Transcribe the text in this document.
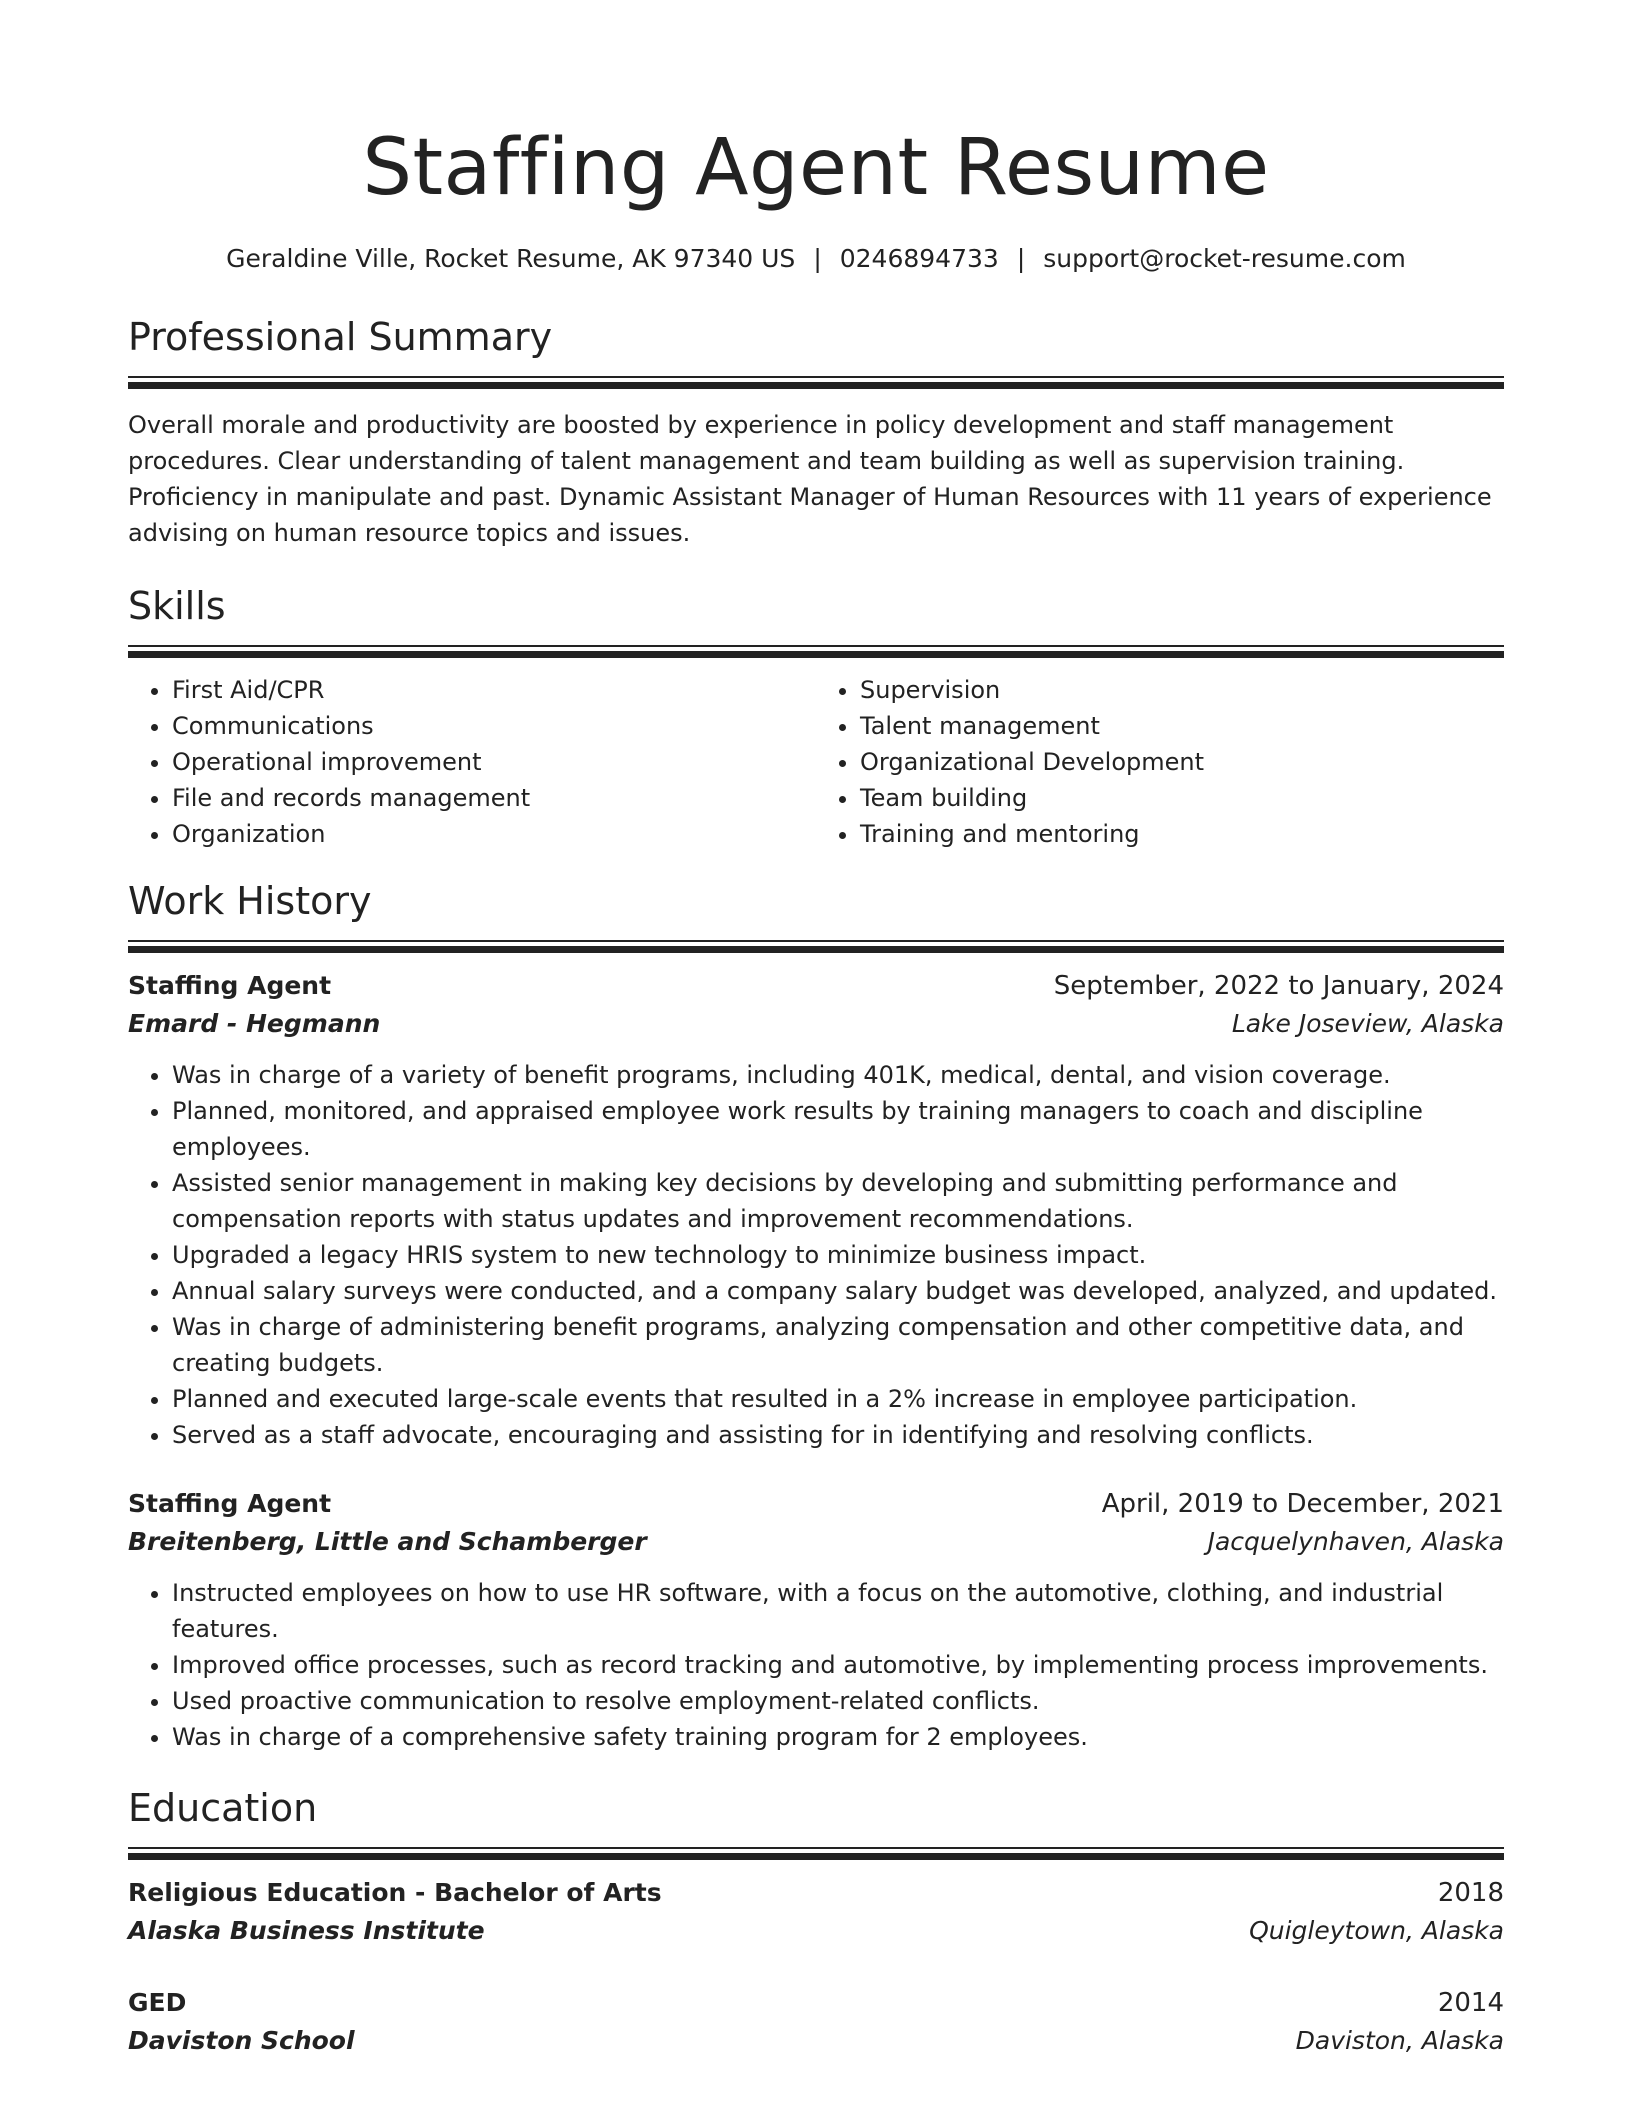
Staffing Agent Resume
Geraldine Ville, Rocket Resume, AK 97340 US | 0246894733 | support@rocket-resume.com
Professional Summary

Overall morale and productivity are boosted by experience in policy development and staff management procedures. Clear understanding of talent management and team building as well as supervision training. Proficiency in manipulate and past. Dynamic Assistant Manager of Human Resources with 11 years of experience advising on human resource topics and issues.

Skills
• First Aid/CPR
• Communications
• Operational improvement
• File and records management
• Organization
• Supervision
• Talent management
• Organizational Development
• Team building
• Training and mentoring
Work History
Staffing Agent	September, 2022 to January, 2024
Emard - Hegmann	Lake Joseview, Alaska
• Was in charge of a variety of benefit programs, including 401K, medical, dental, and vision coverage.
• Planned, monitored, and appraised employee work results by training managers to coach and discipline employees.
• Assisted senior management in making key decisions by developing and submitting performance and compensation reports with status updates and improvement recommendations.
• Upgraded a legacy HRIS system to new technology to minimize business impact.
• Annual salary surveys were conducted, and a company salary budget was developed, analyzed, and updated.
• Was in charge of administering benefit programs, analyzing compensation and other competitive data, and creating budgets.
• Planned and executed large-scale events that resulted in a 2% increase in employee participation.
• Served as a staff advocate, encouraging and assisting for in identifying and resolving conflicts.
Staffing Agent	April, 2019 to December, 2021
Breitenberg, Little and Schamberger	Jacquelynhaven, Alaska
• Instructed employees on how to use HR software, with a focus on the automotive, clothing, and industrial features.
• Improved office processes, such as record tracking and automotive, by implementing process improvements.
• Used proactive communication to resolve employment-related conflicts.
• Was in charge of a comprehensive safety training program for 2 employees.
Education
Religious Education - Bachelor of Arts	2018
Alaska Business Institute	Quigleytown, Alaska
GED	2014
Daviston School	Daviston, Alaska
